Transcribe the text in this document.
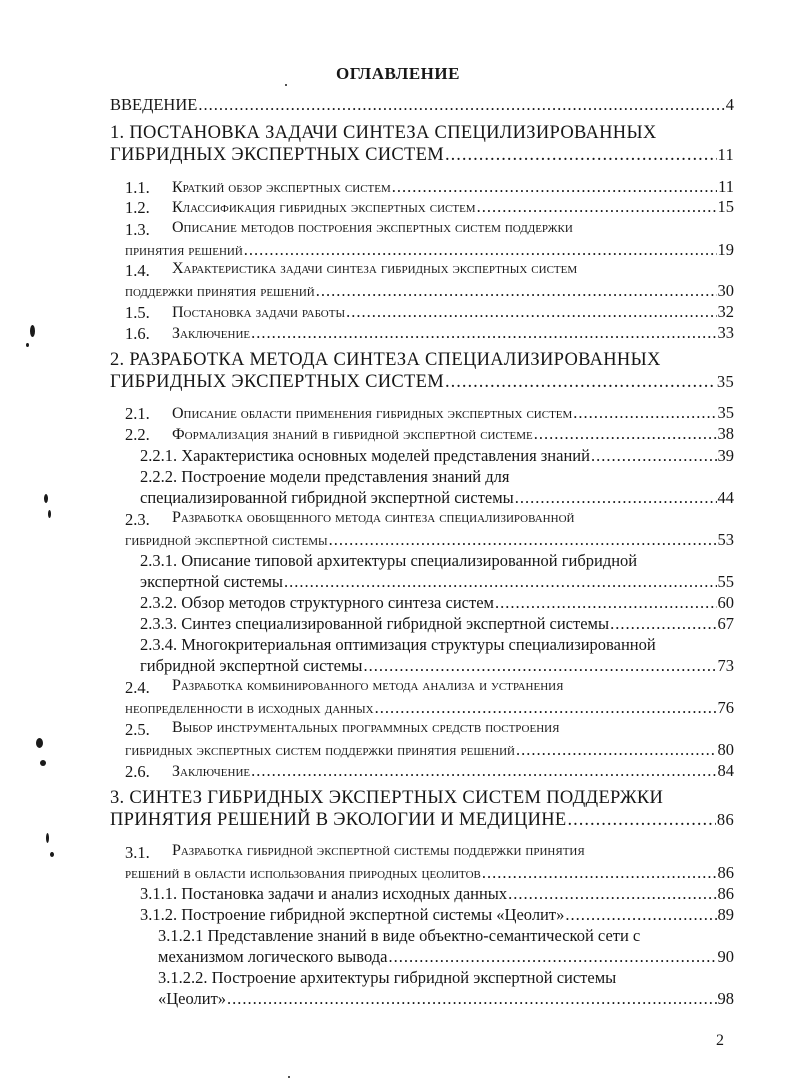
ОГЛАВЛЕНИЕ
ВВЕДЕНИЕ .....	4
1. ПОСТАНОВКА ЗАДАЧИ СИНТЕЗА СПЕЦИЛИЗИРОВАННЫХ
ГИБРИДНЫХ ЭКСПЕРТНЫХ СИСТЕМ .....	11
1.1. Краткий обзор экспертных систем .....	11
1.2. Классификация гибридных экспертных систем .....	15
1.3. Описание методов построения экспертных систем поддержки
принятия решений .....	19
1.4. Характеристика задачи синтеза гибридных экспертных систем
поддержки принятия решений .....	30
1.5. Постановка задачи работы .....	32
1.6. Заключение .....	33
2. РАЗРАБОТКА МЕТОДА СИНТЕЗА СПЕЦИАЛИЗИРОВАННЫХ
ГИБРИДНЫХ ЭКСПЕРТНЫХ СИСТЕМ .....	35
2.1. Описание области применения гибридных экспертных систем .....	35
2.2. Формализация знаний в гибридной экспертной системе .....	38
2.2.1. Характеристика основных моделей представления знаний .....	39
2.2.2. Построение модели представления знаний для
специализированной гибридной экспертной системы .....	44
2.3. Разработка обобщенного метода синтеза специализированной
гибридной экспертной системы .....	53
2.3.1. Описание типовой архитектуры специализированной гибридной
экспертной системы .....	55
2.3.2. Обзор методов структурного синтеза систем .....	60
2.3.3. Синтез специализированной гибридной экспертной системы .....	67
2.3.4. Многокритериальная оптимизация структуры специализированной
гибридной экспертной системы .....	73
2.4. Разработка комбинированного метода анализа и устранения
неопределенности в исходных данных .....	76
2.5. Выбор инструментальных программных средств построения
гибридных экспертных систем поддержки принятия решений .....	80
2.6. Заключение .....	84
3. СИНТЕЗ ГИБРИДНЫХ ЭКСПЕРТНЫХ СИСТЕМ ПОДДЕРЖКИ
ПРИНЯТИЯ РЕШЕНИЙ В ЭКОЛОГИИ И МЕДИЦИНЕ .....	86
3.1. Разработка гибридной экспертной системы поддержки принятия
решений в области использования природных цеолитов .....	86
3.1.1. Постановка задачи и анализ исходных данных .....	86
3.1.2. Построение гибридной экспертной системы «Цеолит» .....	89
3.1.2.1 Представление знаний в виде объектно-семантической сети с
механизмом логического вывода .....	90
3.1.2.2. Построение архитектуры гибридной экспертной системы
«Цеолит» .....	98
2
